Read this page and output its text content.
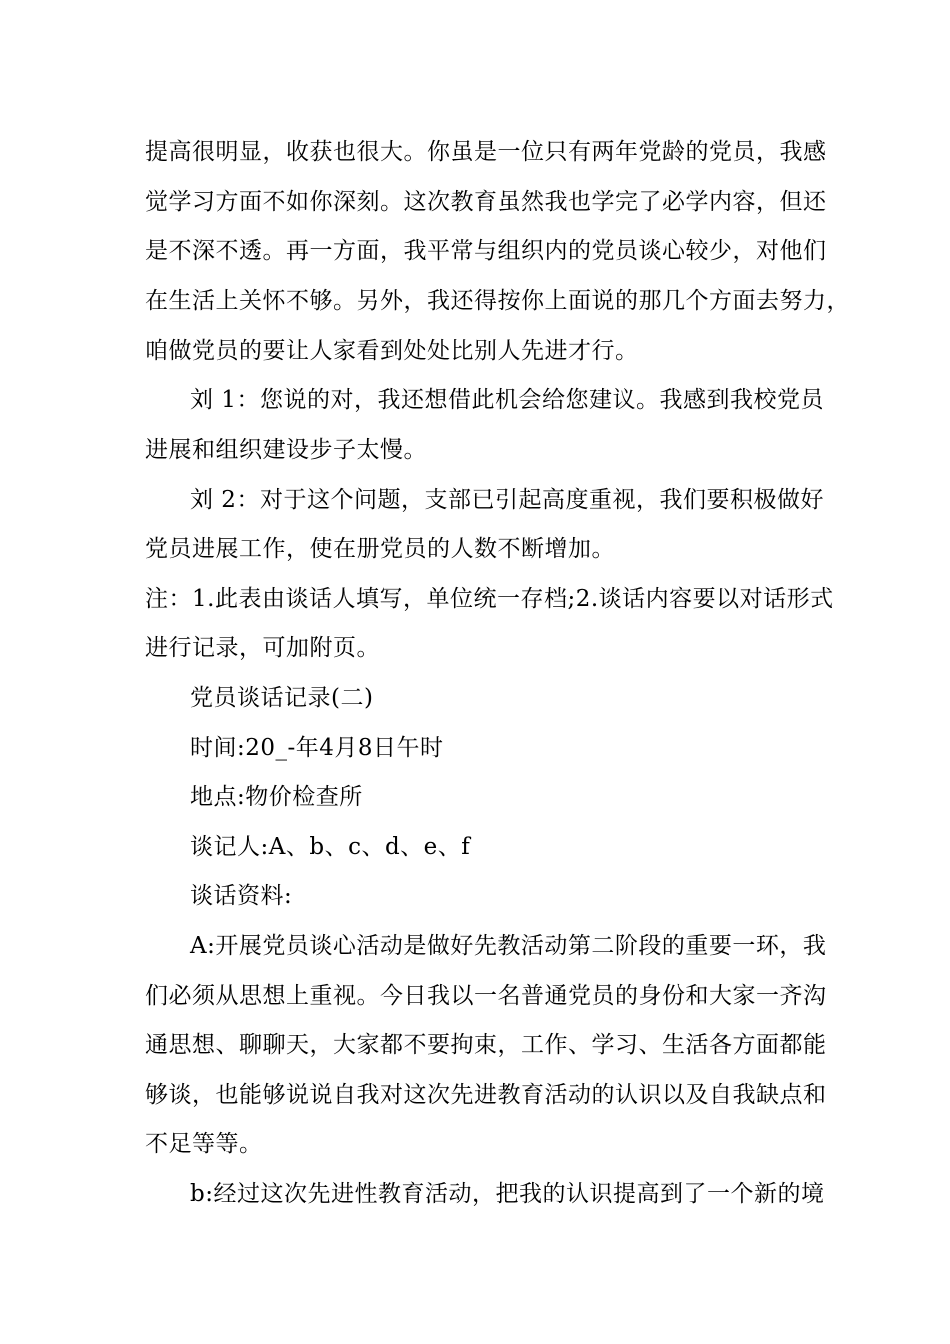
提高很明显，收获也很大。你虽是一位只有两年党龄的党员，我感
觉学习方面不如你深刻。这次教育虽然我也学完了必学内容，但还
是不深不透。再一方面，我平常与组织内的党员谈心较少，对他们
在生活上关怀不够。另外，我还得按你上面说的那几个方面去努力，
咱做党员的要让人家看到处处比别人先进才行。
刘 1：您说的对，我还想借此机会给您建议。我感到我校党员
进展和组织建设步子太慢。
刘 2：对于这个问题，支部已引起高度重视，我们要积极做好
党员进展工作，使在册党员的人数不断增加。
注：1.此表由谈话人填写，单位统一存档;2.谈话内容要以对话形式
进行记录，可加附页。
党员谈话记录(二)
时间:20_-年4月8日午时
地点:物价检查所
谈记人:A、b、c、d、e、f
谈话资料:
A:开展党员谈心活动是做好先教活动第二阶段的重要一环，我
们必须从思想上重视。今日我以一名普通党员的身份和大家一齐沟
通思想、聊聊天，大家都不要拘束，工作、学习、生活各方面都能
够谈，也能够说说自我对这次先进教育活动的认识以及自我缺点和
不足等等。
b:经过这次先进性教育活动，把我的认识提高到了一个新的境
